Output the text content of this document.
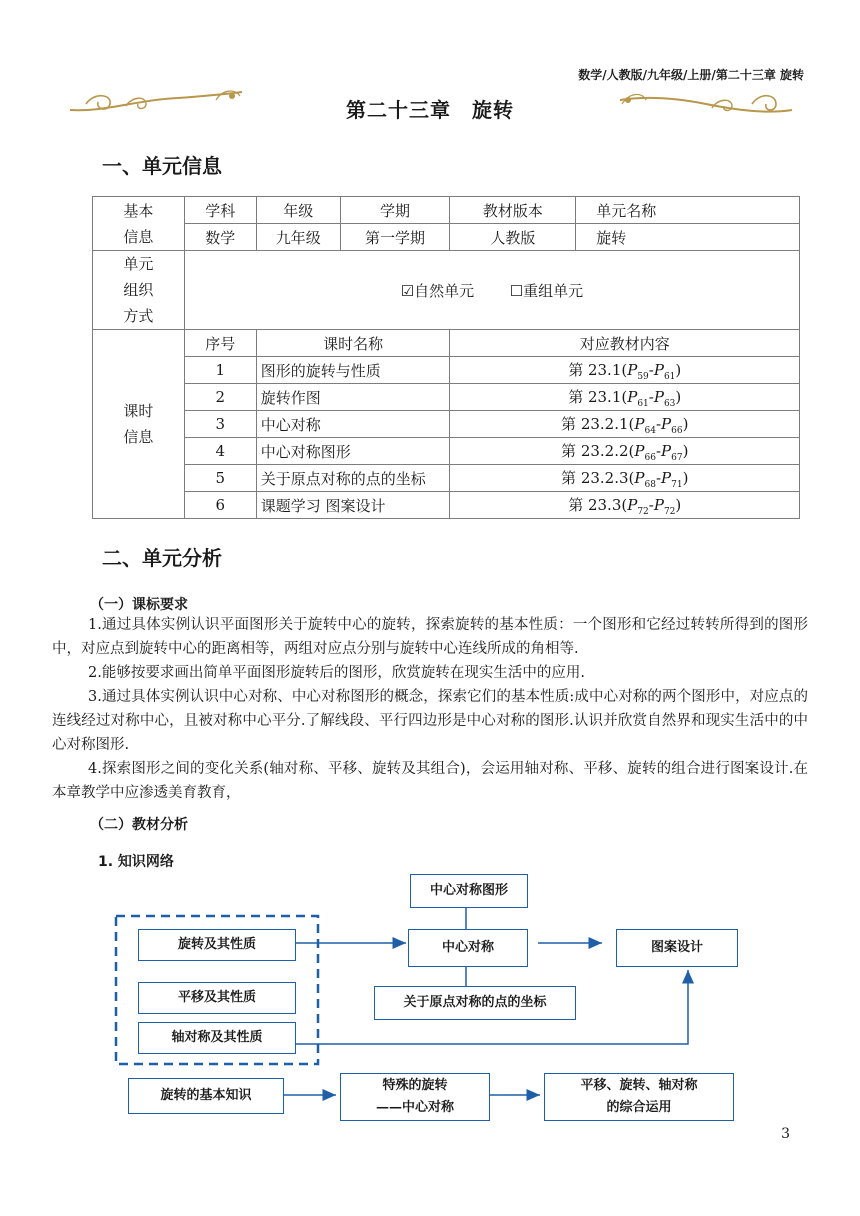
数学/人教版/九年级/上册/第二十三章 旋转
第二十三章　旋转
一、单元信息
基本
信息	学科	年级	学期	教材版本	单元名称
	数学	九年级	第一学期	人教版	旋转
单元
组织
方式	☑自然单元 ☐重组单元				
课时
信息	序号	课时名称		对应教材内容	
	1	图形的旋转与性质		第 $23.1(P_{59}-P_{61})$	
	2	旋转作图		第 $23.1(P_{61}-P_{63})$	
	3	中心对称		第 $23.2.1(P_{64}-P_{66})$	
	4	中心对称图形		第 $23.2.2(P_{66}-P_{67})$	
	5	关于原点对称的点的坐标		第 $23.2.3(P_{68}-P_{71})$	
	6	课题学习 图案设计		第 $23.3(P_{72}-P_{72})$	
二、单元分析
（一）课标要求
1.通过具体实例认识平面图形关于旋转中心的旋转，探索旋转的基本性质：一个图形和它经过转转所得到的图形中，对应点到旋转中心的距离相等，两组对应点分别与旋转中心连线所成的角相等.
2.能够按要求画出简单平面图形旋转后的图形，欣赏旋转在现实生活中的应用.
3.通过具体实例认识中心对称、中心对称图形的概念，探索它们的基本性质:成中心对称的两个图形中，对应点的连线经过对称中心，且被对称中心平分.了解线段、平行四边形是中心对称的图形.认识并欣赏自然界和现实生活中的中心对称图形.
4.探索图形之间的变化关系(轴对称、平移、旋转及其组合)，会运用轴对称、平移、旋转的组合进行图案设计.在本章教学中应渗透美育教育，
（二）教材分析
1. 知识网络
中心对称图形
旋转及其性质	中心对称	图案设计
平移及其性质	关于原点对称的点的坐标
轴对称及其性质
旋转的基本知识
特殊的旋转
——中心对称
平移、旋转、轴对称
的综合运用
3
